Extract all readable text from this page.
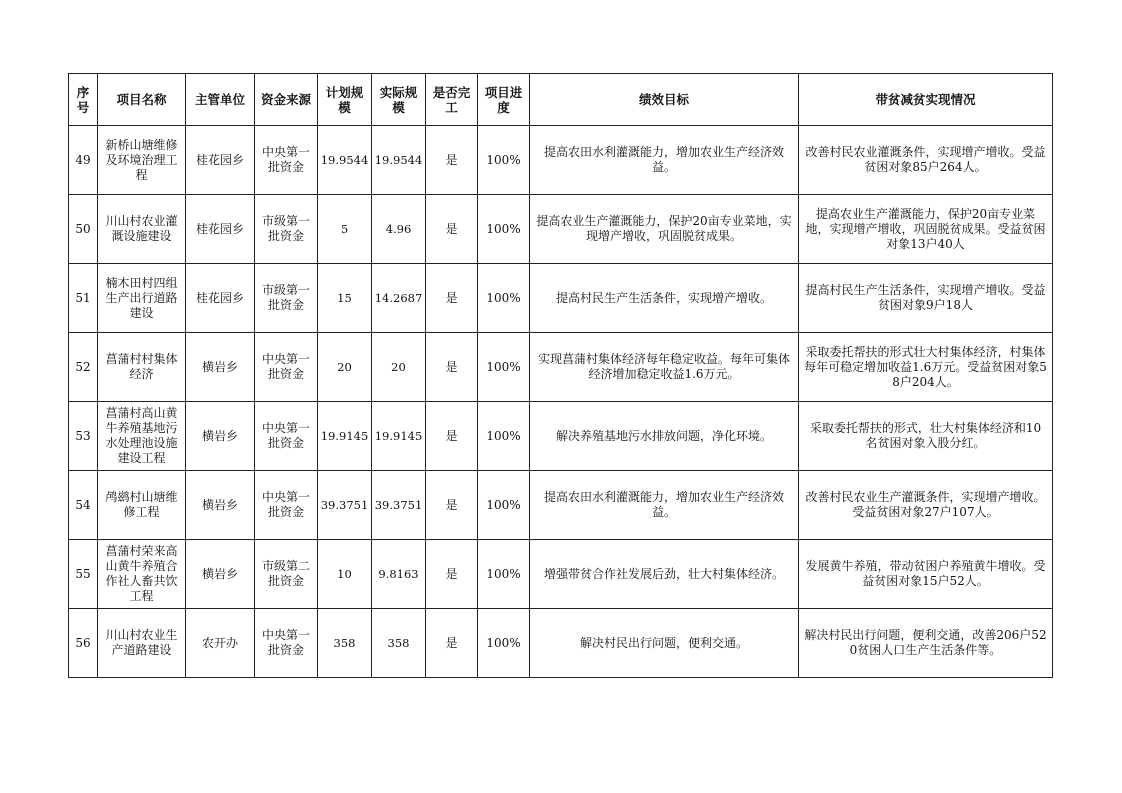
序号	项目名称	主管单位	资金来源	计划规模	实际规模	是否完工	项目进度	绩效目标	带贫减贫实现情况
49	新桥山塘维修及环境治理工程	桂花园乡	中央第一批资金	19.9544	19.9544	是	100%	提高农田水利灌溉能力，增加农业生产经济效益。	改善村民农业灌溉条件，实现增产增收。受益贫困对象85户264人。
50	川山村农业灌溉设施建设	桂花园乡	市级第一批资金	5	4.96	是	100%	提高农业生产灌溉能力，保护20亩专业菜地，实现增产增收，巩固脱贫成果。	提高农业生产灌溉能力，保护20亩专业菜地，实现增产增收，巩固脱贫成果。受益贫困对象13户40人
51	楠木田村四组生产出行道路建设	桂花园乡	市级第一批资金	15	14.2687	是	100%	提高村民生产生活条件，实现增产增收。	提高村民生产生活条件，实现增产增收。受益贫困对象9户18人
52	菖蒲村村集体经济	横岩乡	中央第一批资金	20	20	是	100%	实现菖蒲村集体经济每年稳定收益。每年可集体经济增加稳定收益1.6万元。	采取委托帮扶的形式壮大村集体经济，村集体每年可稳定增加收益1.6万元。受益贫困对象58户204人。
53	菖蒲村高山黄牛养殖基地污水处理池设施建设工程	横岩乡	中央第一批资金	19.9145	19.9145	是	100%	解决养殖基地污水排放问题，净化环境。	采取委托帮扶的形式，壮大村集体经济和10名贫困对象入股分红。
54	鸬鹚村山塘维修工程	横岩乡	中央第一批资金	39.3751	39.3751	是	100%	提高农田水利灌溉能力，增加农业生产经济效益。	改善村民农业生产灌溉条件，实现增产增收。受益贫困对象27户107人。
55	菖蒲村荣来高山黄牛养殖合作社人畜共饮工程	横岩乡	市级第二批资金	10	9.8163	是	100%	增强带贫合作社发展后劲，壮大村集体经济。	发展黄牛养殖，带动贫困户养殖黄牛增收。受益贫困对象15户52人。
56	川山村农业生产道路建设	农开办	中央第一批资金	358	358	是	100%	解决村民出行问题，便利交通。	解决村民出行问题，便利交通，改善206户520贫困人口生产生活条件等。
